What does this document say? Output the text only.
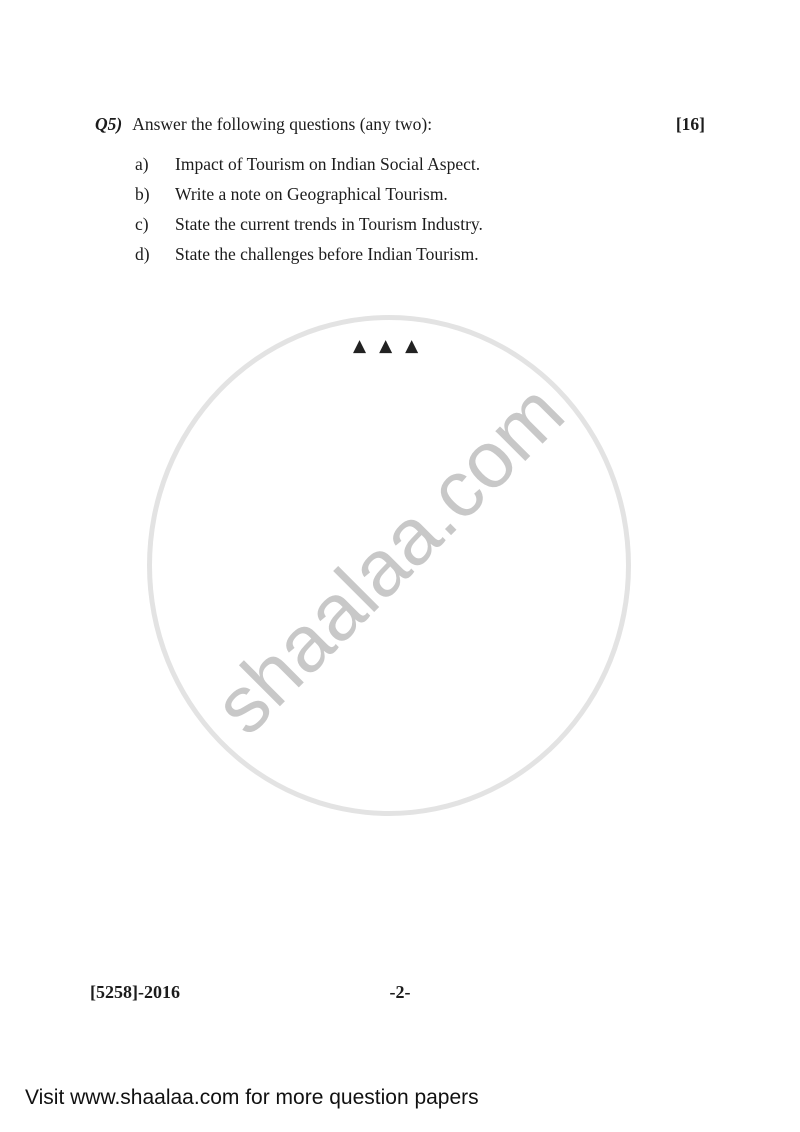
Q5) Answer the following questions (any two):	[16]
a)	Impact of Tourism on Indian Social Aspect.
b)	Write a note on Geographical Tourism.
c)	State the current trends in Tourism Industry.
d)	State the challenges before Indian Tourism.
▲ ▲ ▲
shaalaa.com
[5258]-2016	-2-
Visit www.shaalaa.com for more question papers
